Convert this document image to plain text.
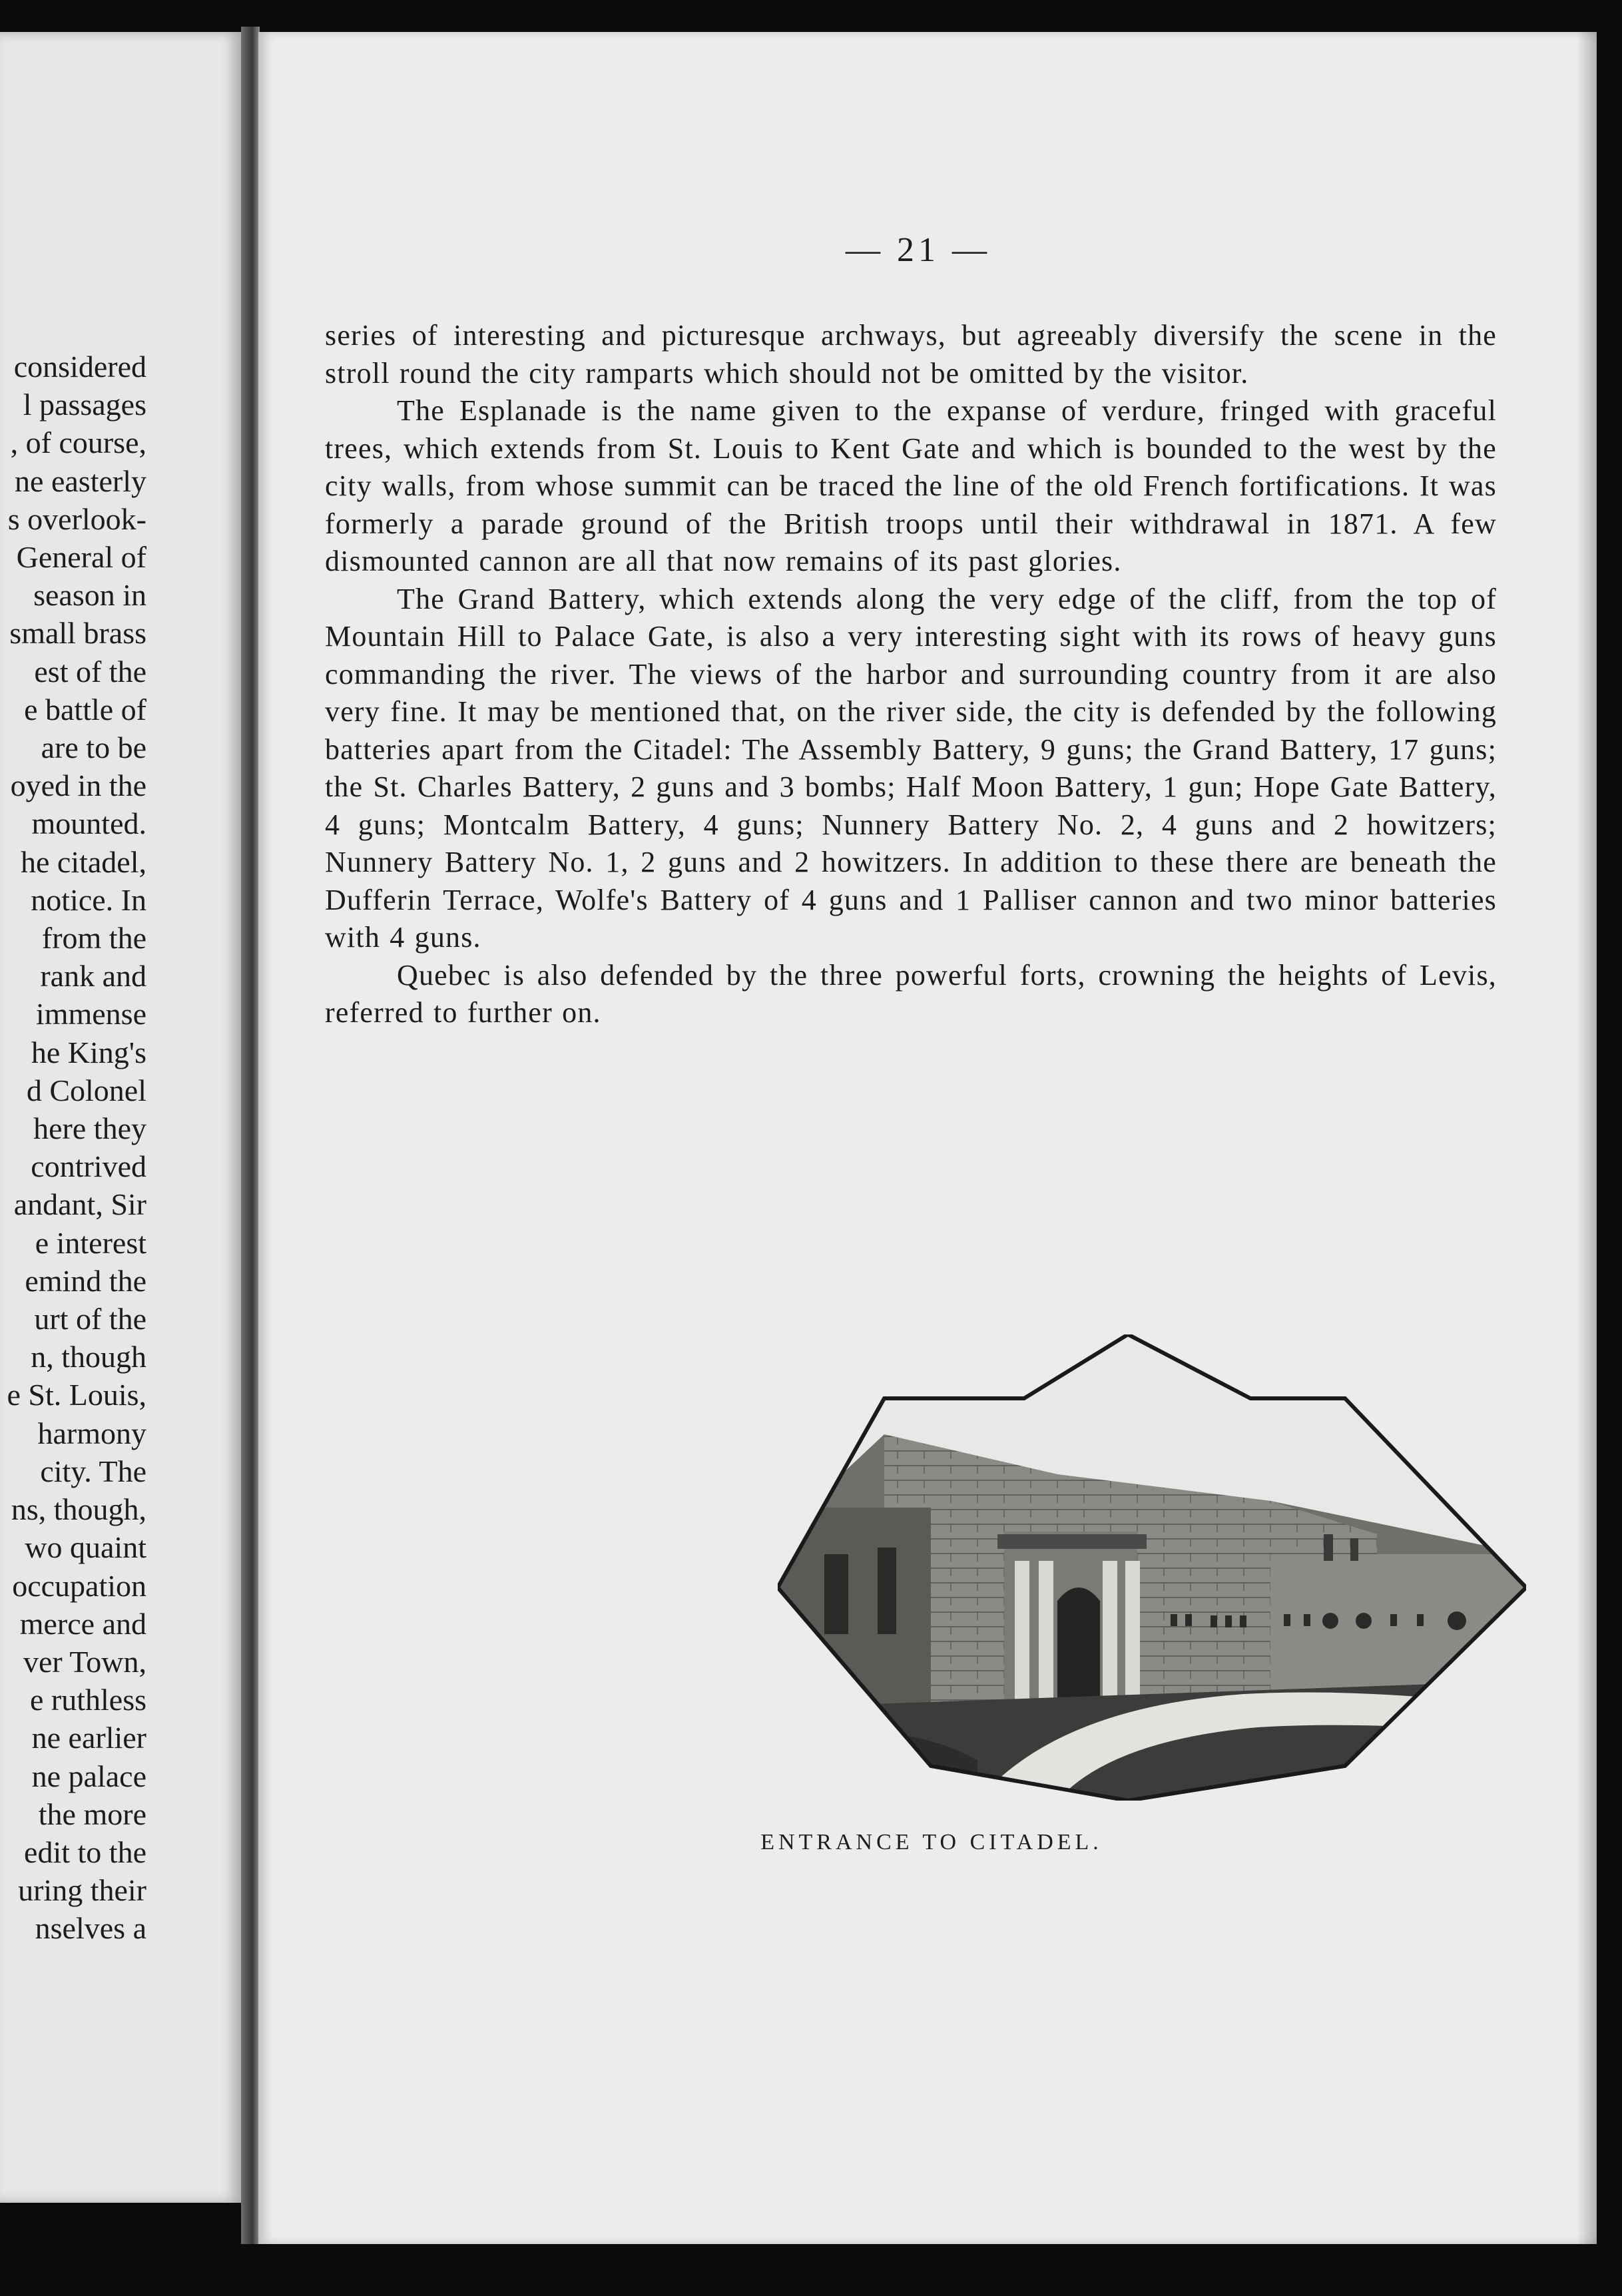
considered
l passages
, of course,
ne easterly
s overlook-
General of
season in
small brass
est of the
e battle of
are to be
oyed in the
mounted.
he citadel,
notice. In
from the
rank and
immense
he King's
d Colonel
here they
contrived
andant, Sir
e interest
emind the
urt of the
n, though
e St. Louis,
harmony
city. The
ns, though,
wo quaint
occupation
merce and
ver Town,
e ruthless
ne earlier
ne palace
the more
edit to the
uring their
nselves a
— 21 —

series of interesting and picturesque archways, but agreeably diversify the scene in the stroll round the city ramparts which should not be omitted by the visitor.

The Esplanade is the name given to the expanse of verdure, fringed with graceful trees, which extends from St. Louis to Kent Gate and which is bounded to the west by the city walls, from whose summit can be traced the line of the old French fortifications. It was formerly a parade ground of the British troops until their withdrawal in 1871. A few dismounted cannon are all that now remains of its past glories.

The Grand Battery, which extends along the very edge of the cliff, from the top of Mountain Hill to Palace Gate, is also a very interesting sight with its rows of heavy guns commanding the river. The views of the harbor and surrounding country from it are also very fine. It may be mentioned that, on the river side, the city is defended by the following batteries apart from the Citadel: The Assembly Battery, 9 guns; the Grand Battery, 17 guns; the St. Charles Battery, 2 guns and 3 bombs; Half Moon Battery, 1 gun; Hope Gate Battery, 4 guns; Montcalm Battery, 4 guns; Nunnery Battery No. 2, 4 guns and 2 howitzers; Nunnery Battery No. 1, 2 guns and 2 howitzers. In addition to these there are beneath the Dufferin Terrace, Wolfe's Battery of 4 guns and 1 Palliser cannon and two minor batteries with 4 guns.

Quebec is also defended by the three powerful forts, crowning the heights of Levis, referred to further on.

ENTRANCE TO CITADEL.
